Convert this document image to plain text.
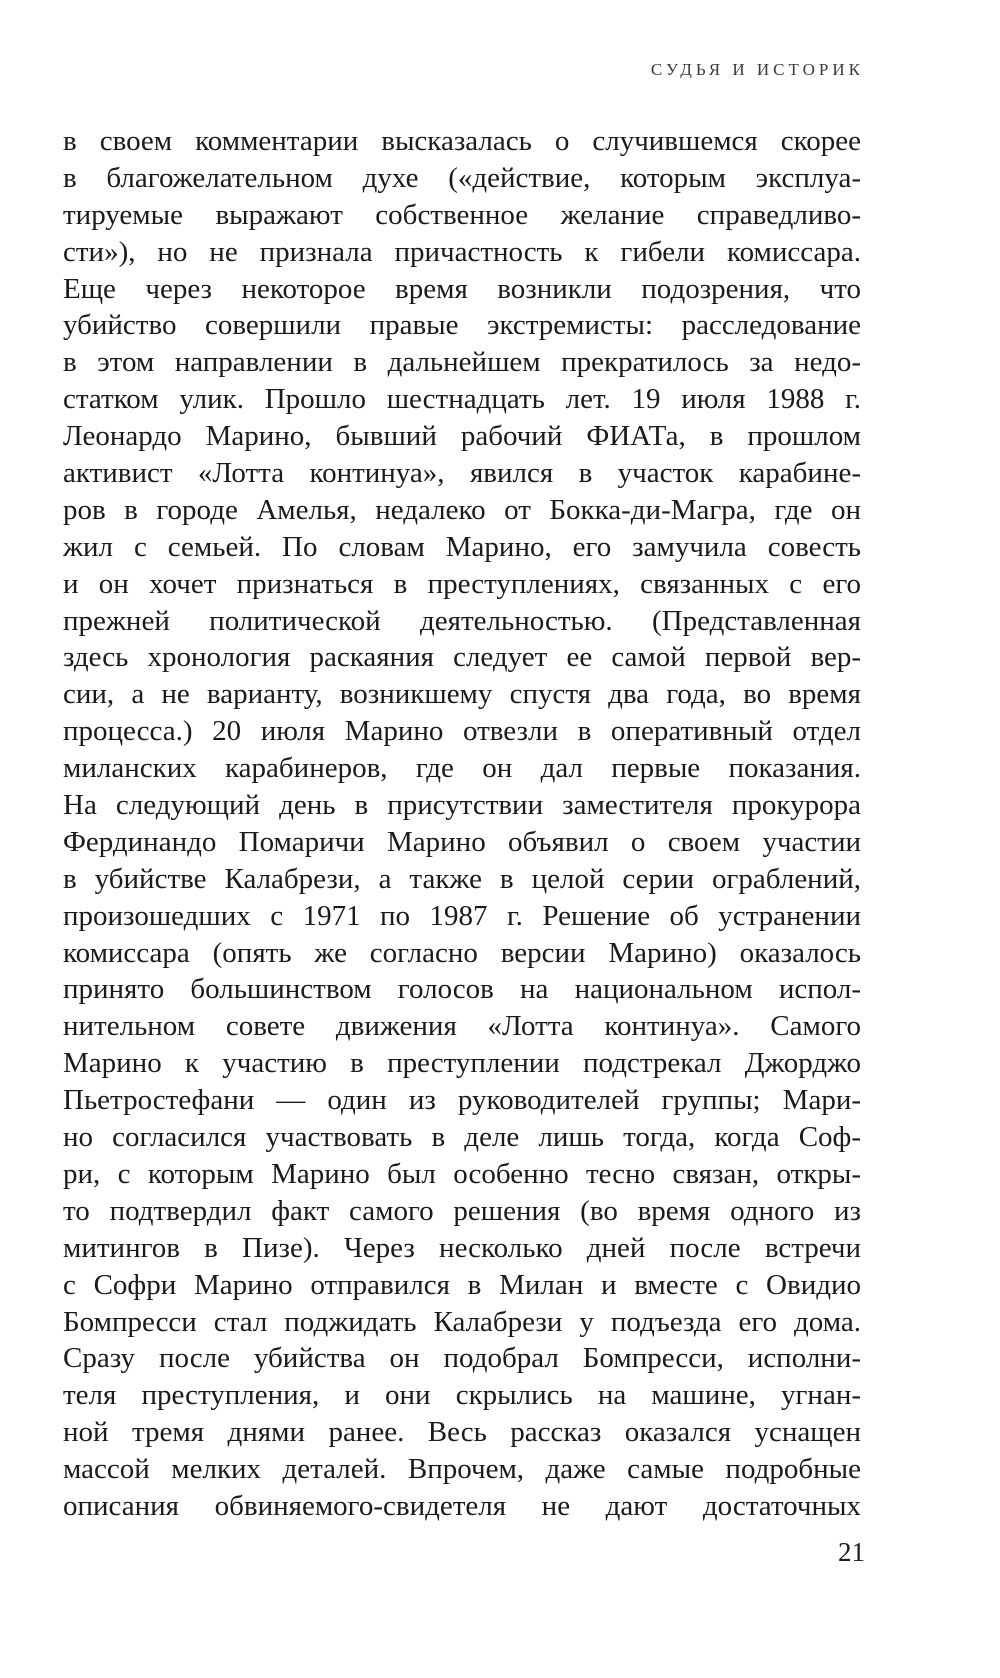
СУДЬЯ И ИСТОРИК
в своем комментарии высказалась о случившемся скорее
в благожелательном духе («действие, которым эксплуа-
тируемые выражают собственное желание справедливо-
сти»), но не признала причастность к гибели комиссара.
Еще через некоторое время возникли подозрения, что
убийство совершили правые экстремисты: расследование
в этом направлении в дальнейшем прекратилось за недо-
статком улик. Прошло шестнадцать лет. 19 июля 1988 г.
Леонардо Марино, бывший рабочий ФИАТа, в прошлом
активист «Лотта континуа», явился в участок карабине-
ров в городе Амелья, недалеко от Бокка-ди-Магра, где он
жил с семьей. По словам Марино, его замучила совесть
и он хочет признаться в преступлениях, связанных с его
прежней политической деятельностью. (Представленная
здесь хронология раскаяния следует ее самой первой вер-
сии, а не варианту, возникшему спустя два года, во время
процесса.) 20 июля Марино отвезли в оперативный отдел
миланских карабинеров, где он дал первые показания.
На следующий день в присутствии заместителя прокурора
Фердинандо Помаричи Марино объявил о своем участии
в убийстве Калабрези, а также в целой серии ограблений,
произошедших с 1971 по 1987 г. Решение об устранении
комиссара (опять же согласно версии Марино) оказалось
принято большинством голосов на национальном испол-
нительном совете движения «Лотта континуа». Самого
Марино к участию в преступлении подстрекал Джорджо
Пьетростефани — один из руководителей группы; Мари-
но согласился участвовать в деле лишь тогда, когда Соф-
ри, с которым Марино был особенно тесно связан, откры-
то подтвердил факт самого решения (во время одного из
митингов в Пизе). Через несколько дней после встречи
с Софри Марино отправился в Милан и вместе с Овидио
Бомпресси стал поджидать Калабрези у подъезда его дома.
Сразу после убийства он подобрал Бомпресси, исполни-
теля преступления, и они скрылись на машине, угнан-
ной тремя днями ранее. Весь рассказ оказался уснащен
массой мелких деталей. Впрочем, даже самые подробные
описания обвиняемого-свидетеля не дают достаточных
21
